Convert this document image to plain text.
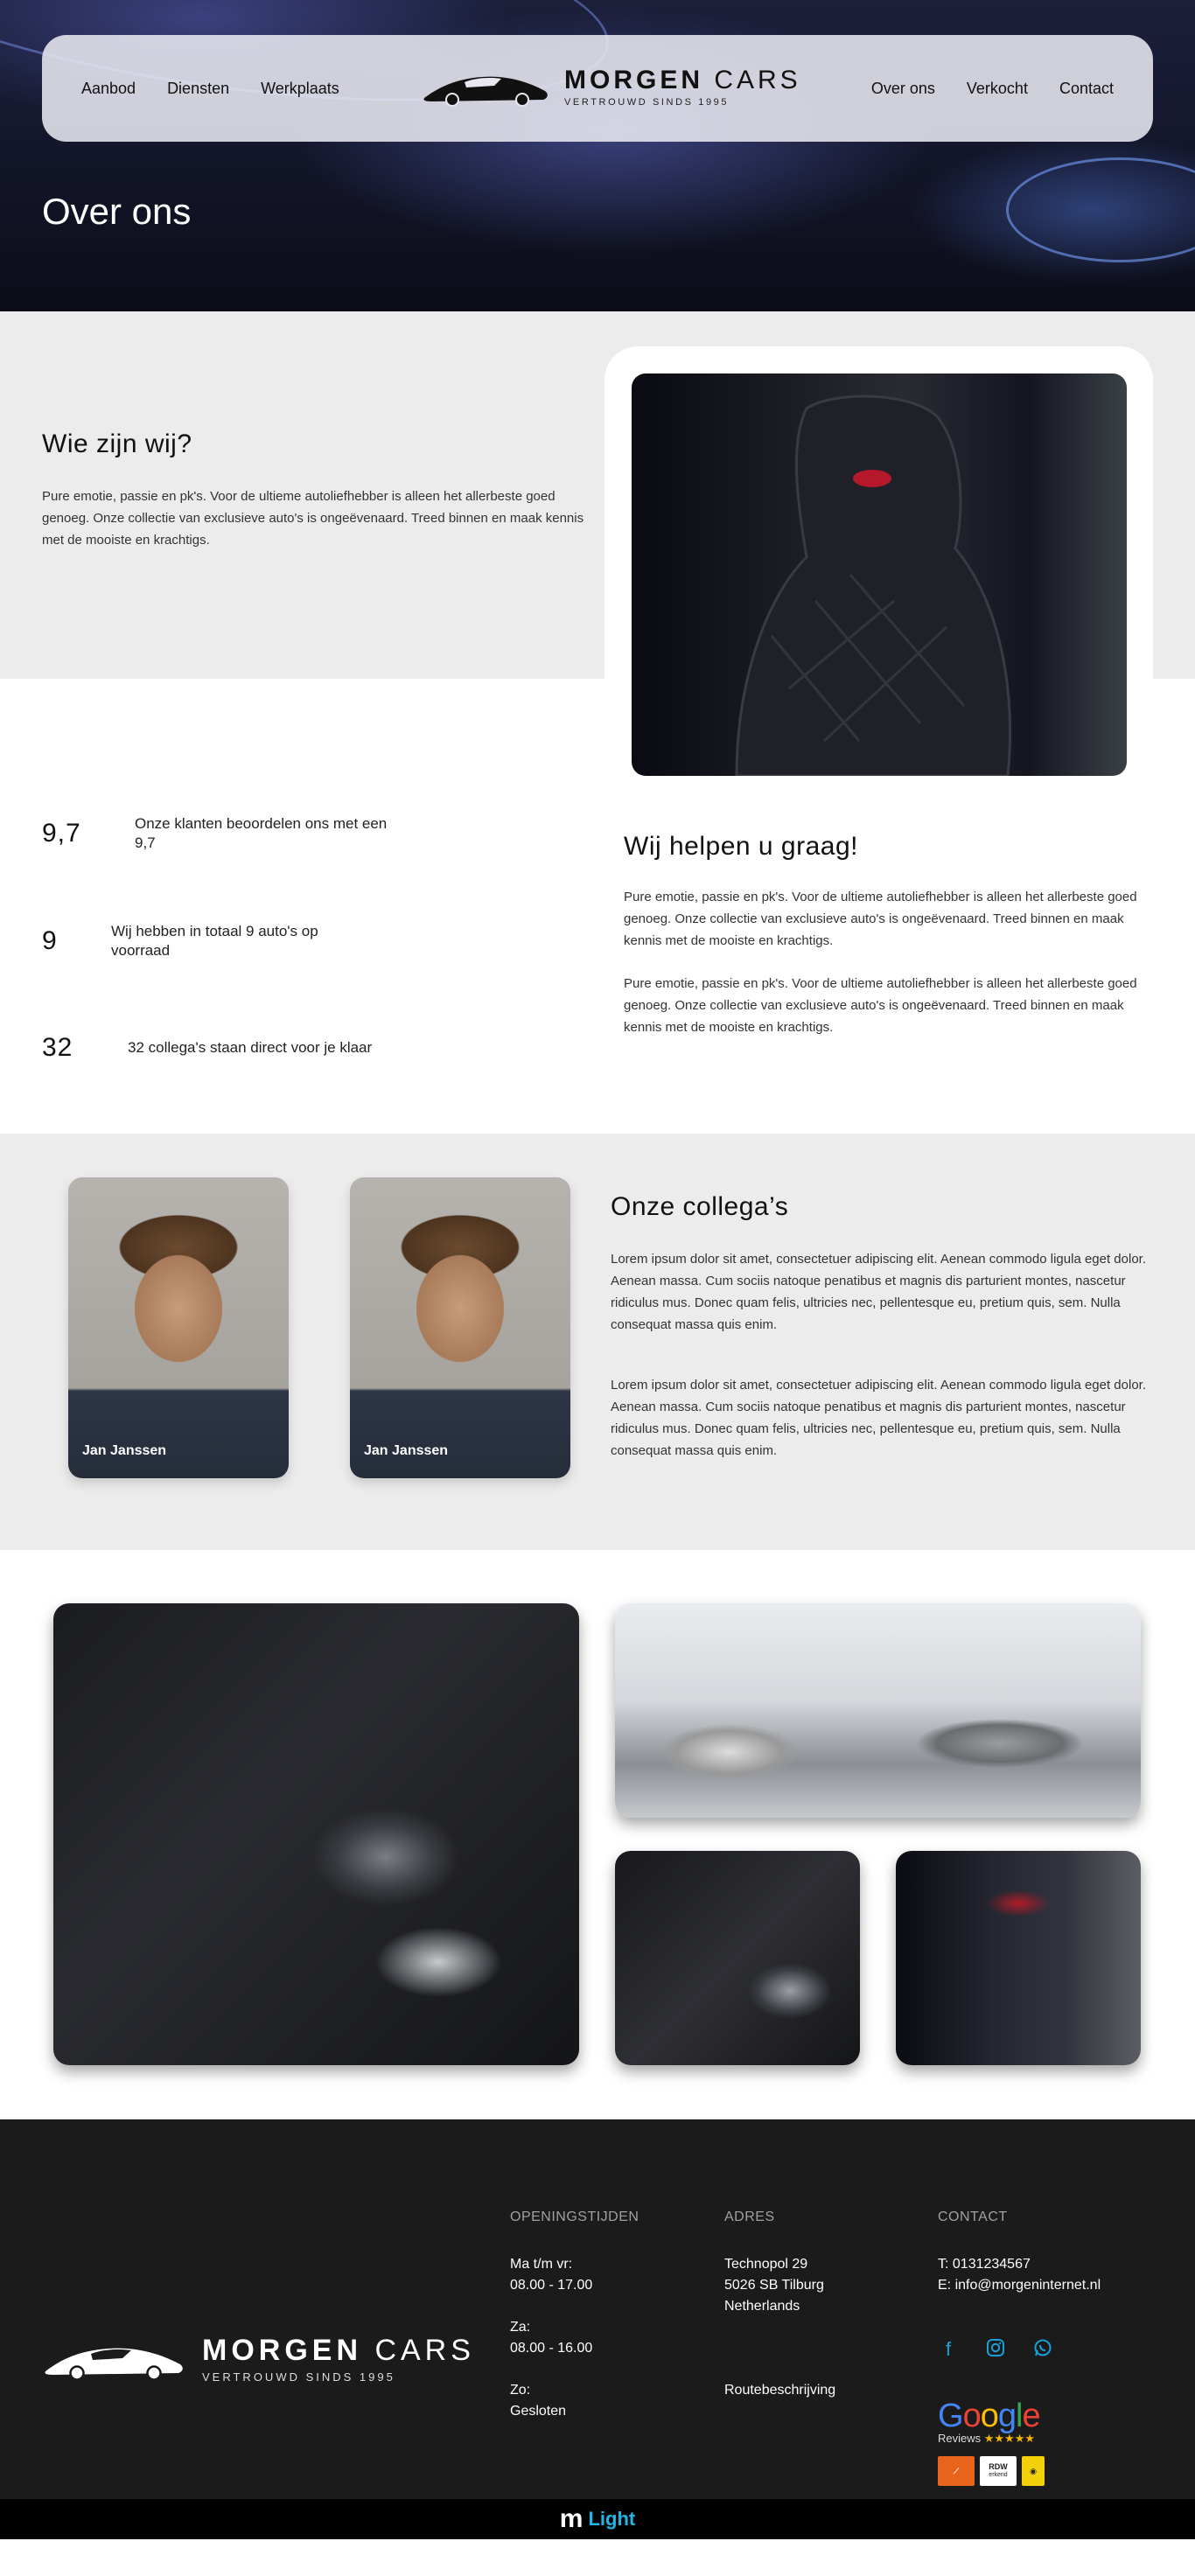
Aanbod Diensten Werkplaats	MORGEN CARS
VERTROUWD SINDS 1995
Over ons Verkocht Contact
Over ons
Wie zijn wij?

Pure emotie, passie en pk's. Voor de ultieme autoliefhebber is alleen het allerbeste goed genoeg. Onze collectie van exclusieve auto's is ongeëvenaard. Treed binnen en maak kennis met de mooiste en krachtigs.

9,7	Onze klanten beoordelen ons met een 9,7
9	Wij hebben in totaal 9 auto's op voorraad
32	32 collega's staan direct voor je klaar
Wij helpen u graag!

Pure emotie, passie en pk's. Voor de ultieme autoliefhebber is alleen het allerbeste goed genoeg. Onze collectie van exclusieve auto's is ongeëvenaard. Treed binnen en maak kennis met de mooiste en krachtigs.

Pure emotie, passie en pk's. Voor de ultieme autoliefhebber is alleen het allerbeste goed genoeg. Onze collectie van exclusieve auto's is ongeëvenaard. Treed binnen en maak kennis met de mooiste en krachtigs.

Jan Janssen	Jan Janssen
Onze collega’s

Lorem ipsum dolor sit amet, consectetuer adipiscing elit. Aenean commodo ligula eget dolor. Aenean massa. Cum sociis natoque penatibus et magnis dis parturient montes, nascetur ridiculus mus. Donec quam felis, ultricies nec, pellentesque eu, pretium quis, sem. Nulla consequat massa quis enim.

Lorem ipsum dolor sit amet, consectetuer adipiscing elit. Aenean commodo ligula eget dolor. Aenean massa. Cum sociis natoque penatibus et magnis dis parturient montes, nascetur ridiculus mus. Donec quam felis, ultricies nec, pellentesque eu, pretium quis, sem. Nulla consequat massa quis enim.

MORGEN CARS
VERTROUWD SINDS 1995
OPENINGSTIJDEN

Ma t/m vr:

08.00 - 17.00

Za:

08.00 - 16.00

Zo:

Gesloten

ADRES

Technopol 29

5026 SB Tilburg

Netherlands

Routebeschrijving
CONTACT
T: 0131234567
E: info@morgeninternet.nl
f
Google
Reviews ★★★★★
⟋	RDW
erkend	◉
m Light
